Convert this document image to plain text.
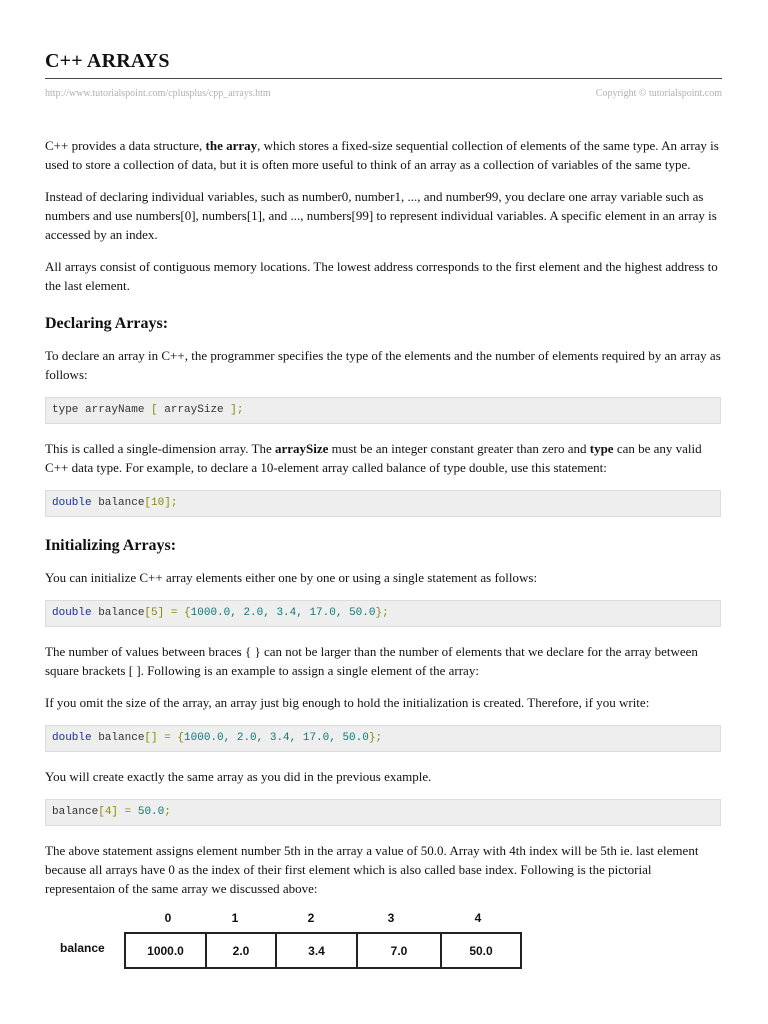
C++ ARRAYS
http://www.tutorialspoint.com/cplusplus/cpp_arrays.htm	Copyright © tutorialspoint.com

C++ provides a data structure, the array, which stores a fixed-size sequential collection of elements of the same type. An array is used to store a collection of data, but it is often more useful to think of an array as a collection of variables of the same type.

Instead of declaring individual variables, such as number0, number1, ..., and number99, you declare one array variable such as numbers and use numbers[0], numbers[1], and ..., numbers[99] to represent individual variables. A specific element in an array is accessed by an index.

All arrays consist of contiguous memory locations. The lowest address corresponds to the first element and the highest address to the last element.

Declaring Arrays:

To declare an array in C++, the programmer specifies the type of the elements and the number of elements required by an array as follows:

type arrayName [ arraySize ];

This is called a single-dimension array. The arraySize must be an integer constant greater than zero and type can be any valid C++ data type. For example, to declare a 10-element array called balance of type double, use this statement:

double balance[10];
Initializing Arrays:

You can initialize C++ array elements either one by one or using a single statement as follows:

double balance[5] = {1000.0, 2.0, 3.4, 17.0, 50.0};

The number of values between braces { } can not be larger than the number of elements that we declare for the array between square brackets [ ]. Following is an example to assign a single element of the array:

If you omit the size of the array, an array just big enough to hold the initialization is created. Therefore, if you write:

double balance[] = {1000.0, 2.0, 3.4, 17.0, 50.0};

You will create exactly the same array as you did in the previous example.

balance[4] = 50.0;

The above statement assigns element number 5th in the array a value of 50.0. Array with 4th index will be 5th ie. last element because all arrays have 0 as the index of their first element which is also called base index. Following is the pictorial representaion of the same array we discussed above:

0	1	2	3	4
balance	1000.0	2.0	3.4	7.0	50.0
